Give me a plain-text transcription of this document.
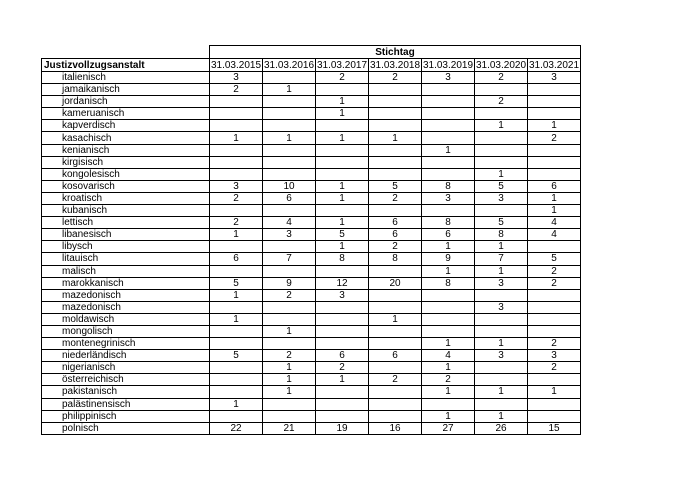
	Stichtag						
Justizvollzugsanstalt	31.03.2015	31.03.2016	31.03.2017	31.03.2018	31.03.2019	31.03.2020	31.03.2021
italienisch	3		2	2	3	2	3
jamaikanisch	2	1					
jordanisch			1			2	
kameruanisch			1				
kapverdisch						1	1
kasachisch	1	1	1	1			2
kenianisch					1		
kirgisisch							
kongolesisch						1	
kosovarisch	3	10	1	5	8	5	6
kroatisch	2	6	1	2	3	3	1
kubanisch							1
lettisch	2	4	1	6	8	5	4
libanesisch	1	3	5	6	6	8	4
libysch			1	2	1	1	
litauisch	6	7	8	8	9	7	5
malisch					1	1	2
marokkanisch	5	9	12	20	8	3	2
mazedonisch	1	2	3				
mazedonisch						3	
moldawisch	1			1			
mongolisch		1					
montenegrinisch					1	1	2
niederländisch	5	2	6	6	4	3	3
nigerianisch		1	2		1		2
österreichisch		1	1	2	2		
pakistanisch		1			1	1	1
palästinensisch	1						
philippinisch					1	1	
polnisch	22	21	19	16	27	26	15
